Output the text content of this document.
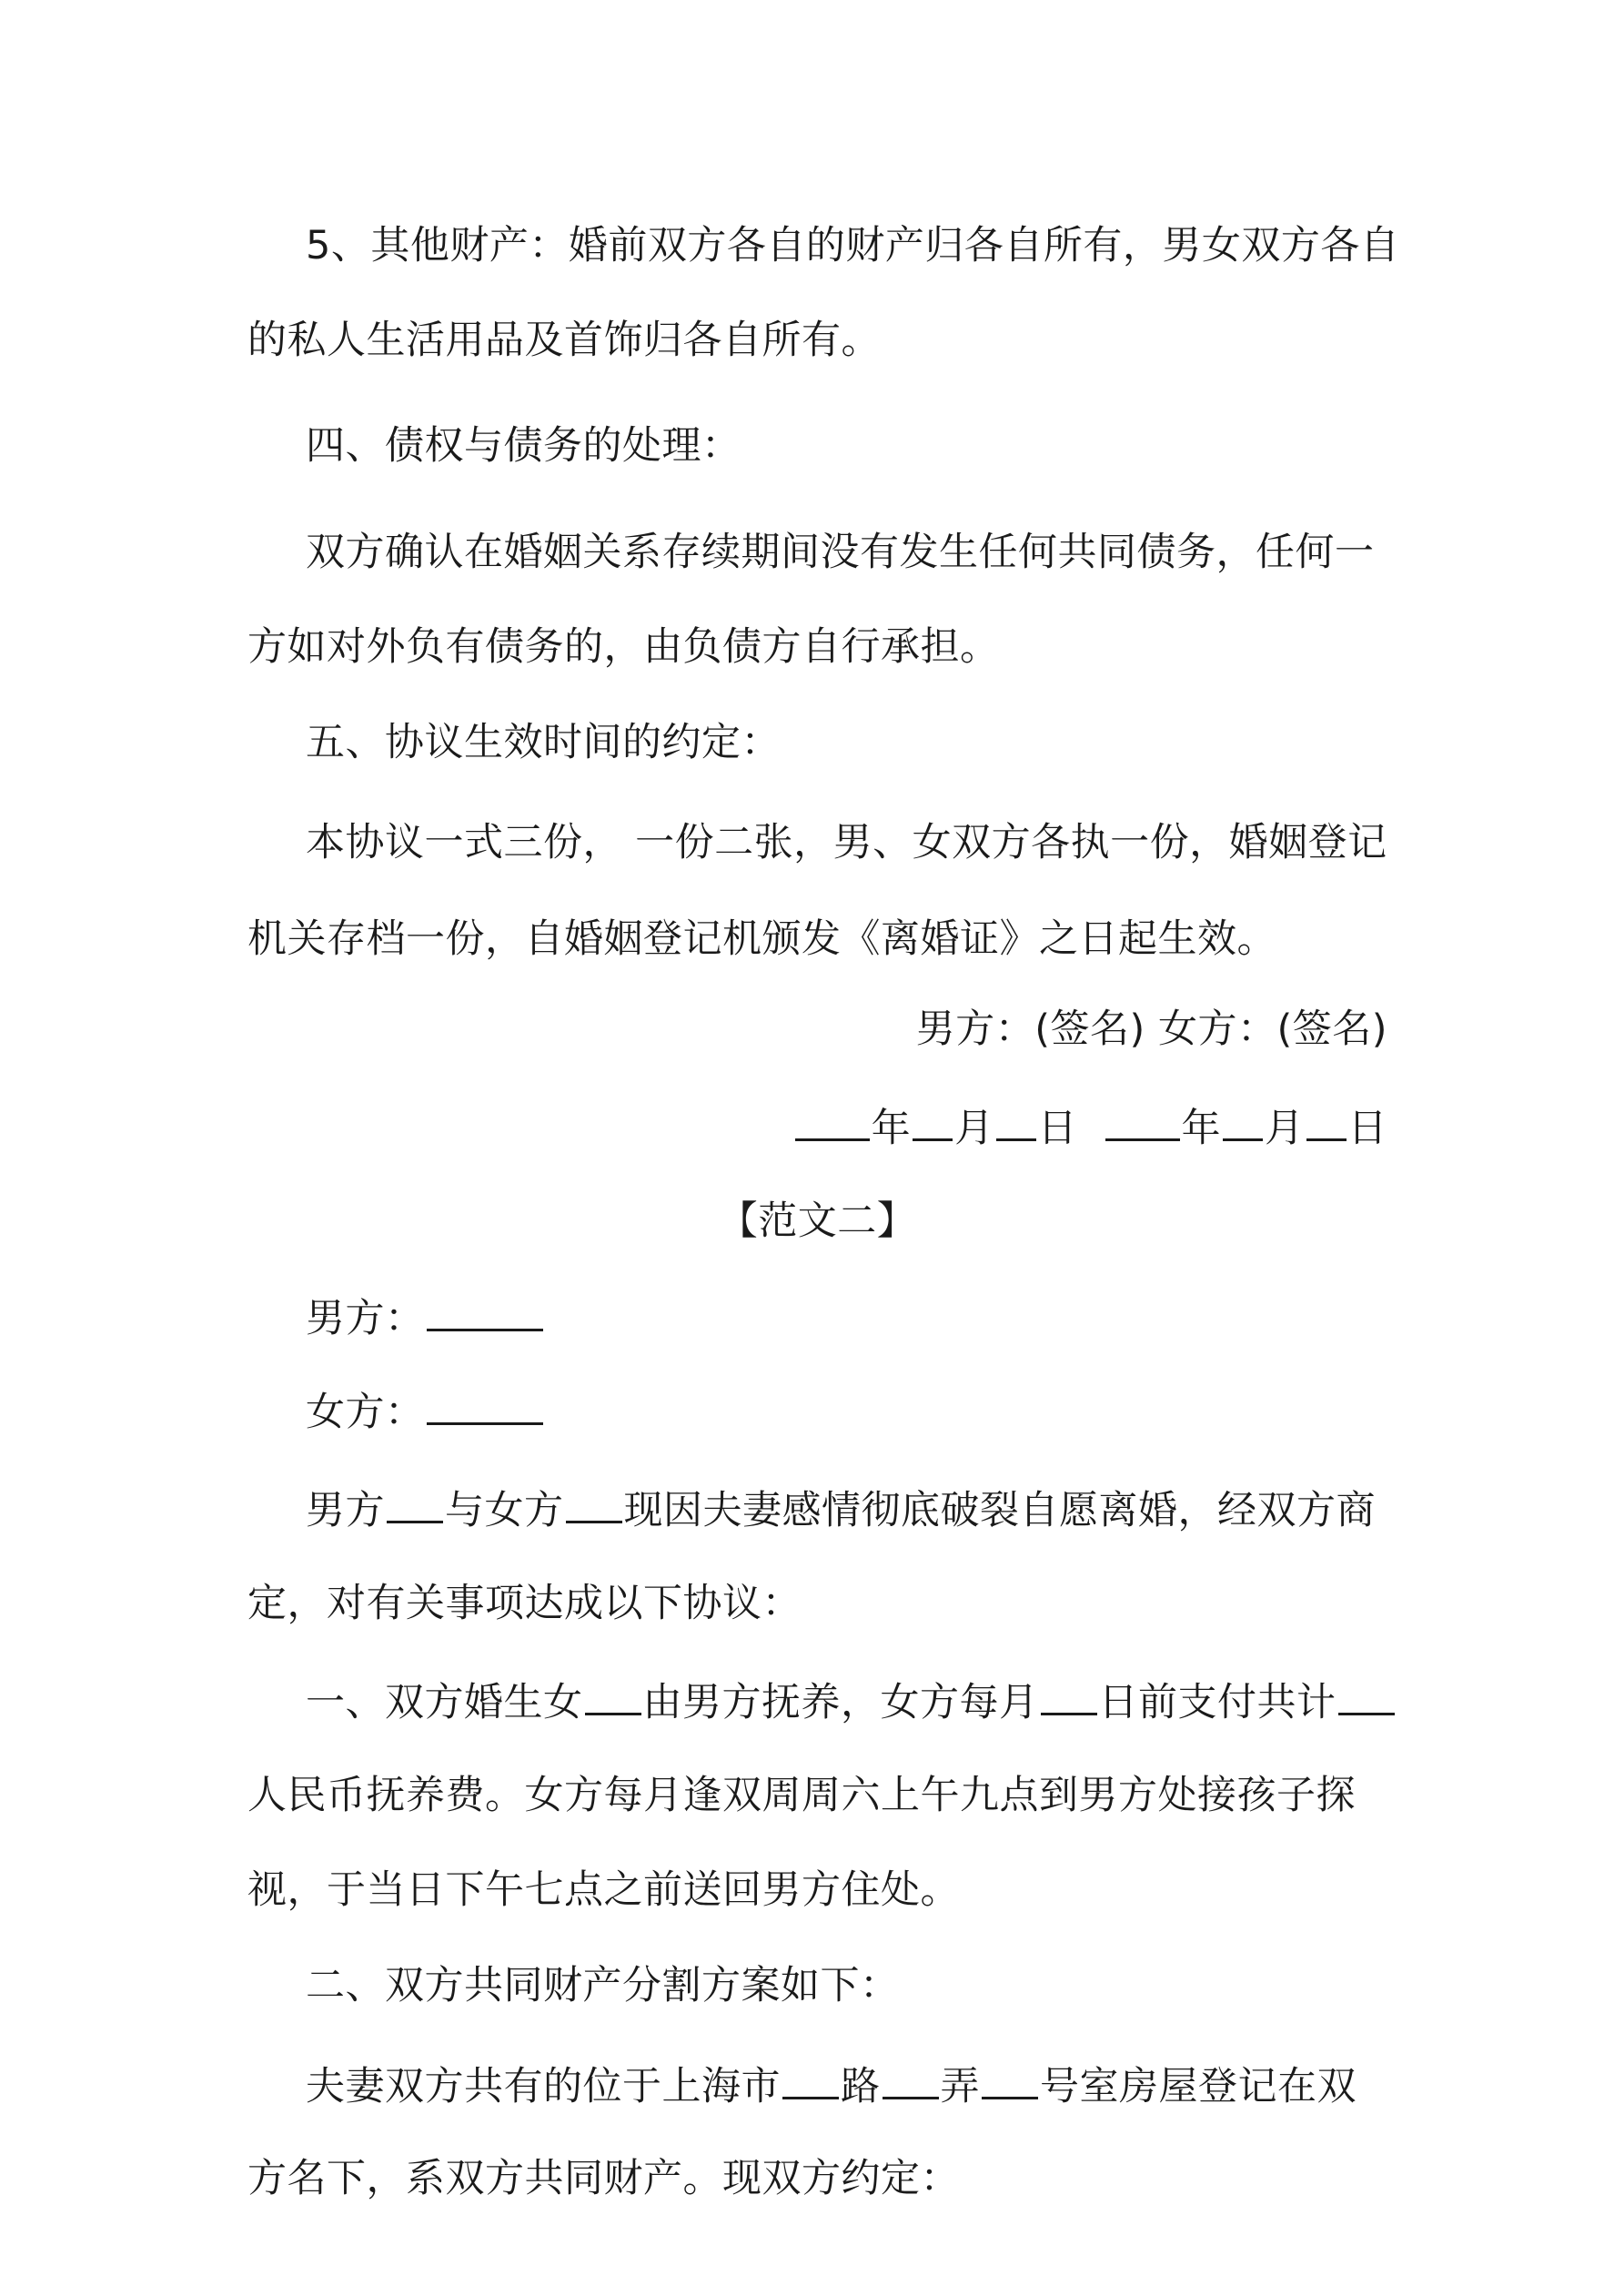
5、其他财产：婚前双方各自的财产归各自所有，男女双方各自
的私人生活用品及首饰归各自所有。
四、债权与债务的处理：
双方确认在婚姻关系存续期间没有发生任何共同债务，任何一
方如对外负有债务的，由负债方自行承担。
五、协议生效时间的约定：
本协议一式三份， 一份二张，男、女双方各执一份，婚姻登记
机关存档一份，自婚姻登记机颁发《离婚证》之日起生效。
男方：(签名) 女方：(签名)
年 月 日	年 月 日
【范文二】
男方：
女方：
男方 与女方 现因夫妻感情彻底破裂自愿离婚，经双方商
定，对有关事项达成以下协议：
一、双方婚生女 由男方抚养，女方每月 日前支付共计
人民币抚养费。女方每月逢双周周六上午九点到男方处接孩子探
视，于当日下午七点之前送回男方住处。
二、双方共同财产分割方案如下：
夫妻双方共有的位于上海市 路 弄 号室房屋登记在双
方名下，系双方共同财产。现双方约定：
